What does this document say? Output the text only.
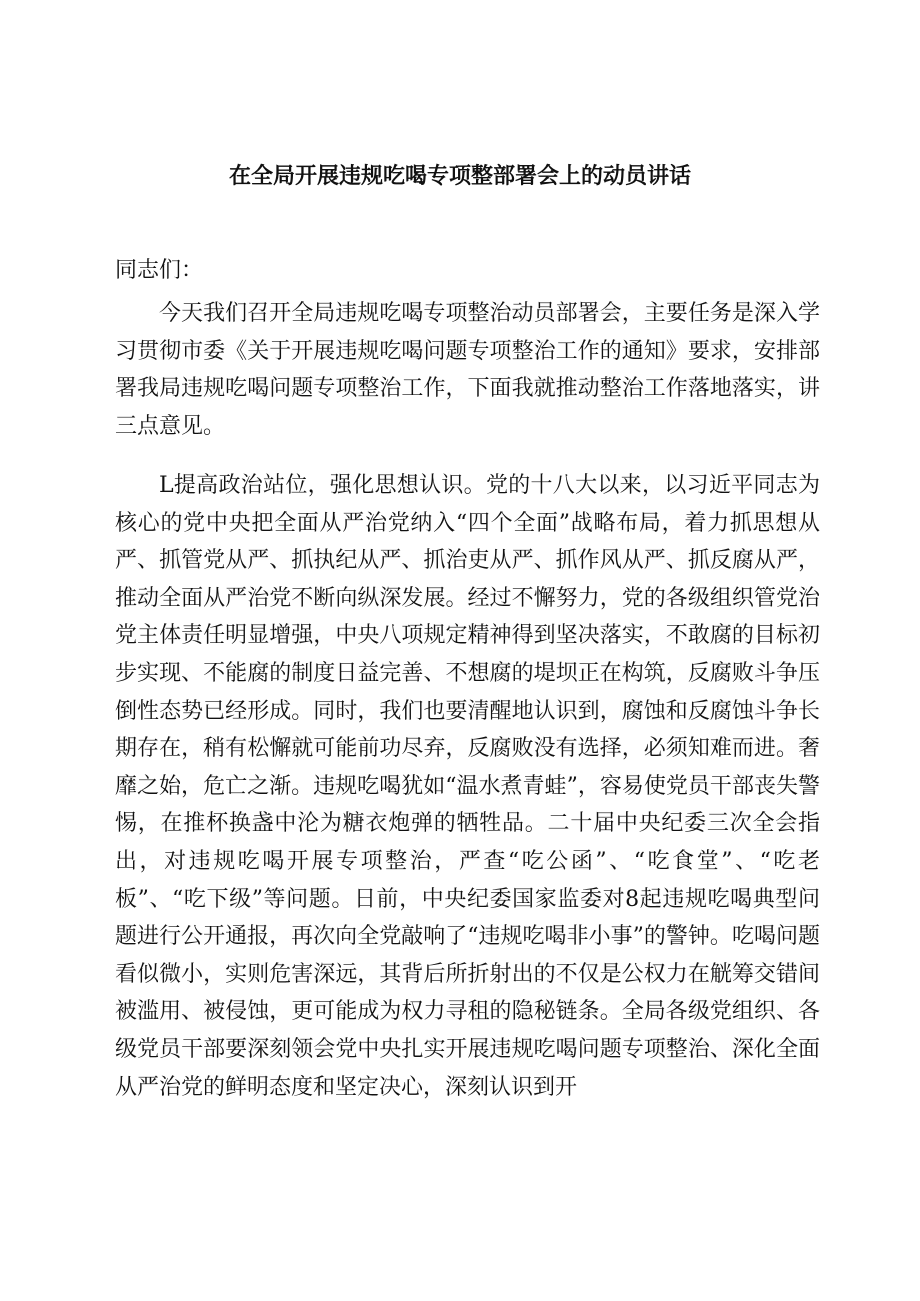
在全局开展违规吃喝专项整部署会上的动员讲话

同志们：

今天我们召开全局违规吃喝专项整治动员部署会，主要任务是深入学习贯彻市委《关于开展违规吃喝问题专项整治工作的通知》要求，安排部署我局违规吃喝问题专项整治工作，下面我就推动整治工作落地落实，讲三点意见。

L提高政治站位，强化思想认识。党的十八大以来，以习近平同志为核心的党中央把全面从严治党纳入“四个全面”战略布局，着力抓思想从严、抓管党从严、抓执纪从严、抓治吏从严、抓作风从严、抓反腐从严，推动全面从严治党不断向纵深发展。经过不懈努力，党的各级组织管党治党主体责任明显增强，中央八项规定精神得到坚决落实，不敢腐的目标初步实现、不能腐的制度日益完善、不想腐的堤坝正在构筑，反腐败斗争压倒性态势已经形成。同时，我们也要清醒地认识到，腐蚀和反腐蚀斗争长期存在，稍有松懈就可能前功尽弃，反腐败没有选择，必须知难而进。奢靡之始，危亡之渐。违规吃喝犹如“温水煮青蛙”，容易使党员干部丧失警惕，在推杯换盏中沦为糖衣炮弹的牺牲品。二十届中央纪委三次全会指出，对违规吃喝开展专项整治，严查“吃公函”、“吃食堂”、“吃老板”、“吃下级”等问题。日前，中央纪委国家监委对8起违规吃喝典型问题进行公开通报，再次向全党敲响了“违规吃喝非小事”的警钟。吃喝问题看似微小，实则危害深远，其背后所折射出的不仅是公权力在觥筹交错间被滥用、被侵蚀，更可能成为权力寻租的隐秘链条。全局各级党组织、各级党员干部要深刻领会党中央扎实开展违规吃喝问题专项整治、深化全面从严治党的鲜明态度和坚定决心，深刻认识到开
